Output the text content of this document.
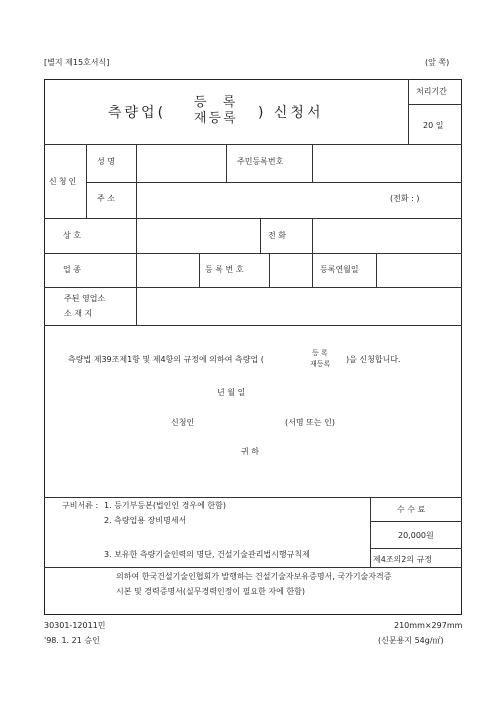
[별지 제15호서식]	(앞 쪽)
측량업(
등 록
재등록 ) 신청서
처리기간
20 일
신청인
성 명	주민등록번호
주 소	(전화 : )
상 호	전 화
업 종	등 록 번 호	등록연월일
주된 영업소
소 재 지
측량법 제39조제1항 및 제4항의 규정에 의하여 측량업 (
등 록
재등록 )을 신청합니다.
년 월 일
신청인	(서명 또는 인)
귀 하
구비서류 : 1. 등기부등본(법인인 경우에 한함)
2. 측량업용 장비명세서
3. 보유한 측량기술인력의 명단, 건설기술관리법시행규칙제
제4조의2의 규정
의하여 한국건설기술인협회가 발행하는 건설기술자보유증명서, 국가기술자격증
시본 및 경력증명서(실무경력인정이 필요한 자에 한함)
수 수 료
20,000원
30301-12011민
'98. 1. 21 승인
210mm×297mm
(신문용지 54g/㎡)
